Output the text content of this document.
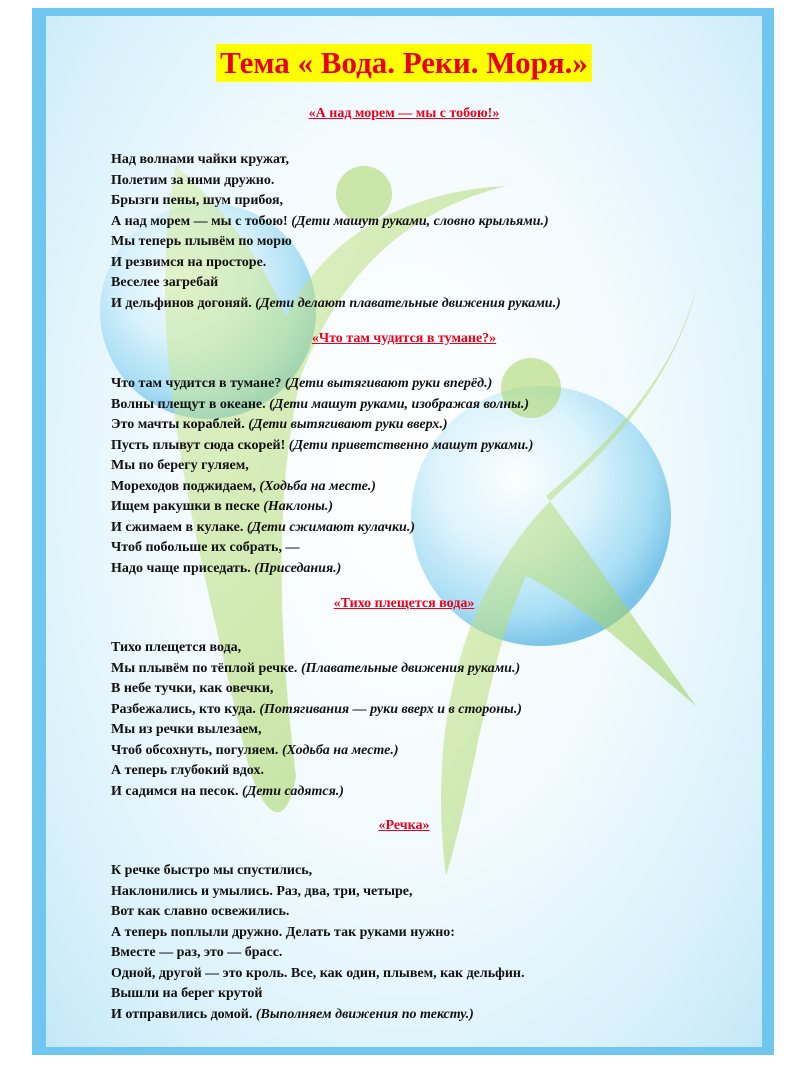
Тема « Вода. Реки. Моря.»
«А над морем — мы с тобою!»
Над волнами чайки кружат,
Полетим за ними дружно.
Брызги пены, шум прибоя,
А над морем — мы с тобою! (Дети машут руками, словно крыльями.)
Мы теперь плывём по морю
И резвимся на просторе.
Веселее загребай
И дельфинов догоняй. (Дети делают плавательные движения руками.)
«Что там чудится в тумане?»
Что там чудится в тумане? (Дети вытягивают руки вперёд.)
Волны плещут в океане. (Дети машут руками, изображая волны.)
Это мачты кораблей. (Дети вытягивают руки вверх.)
Пусть плывут сюда скорей! (Дети приветственно машут руками.)
Мы по берегу гуляем,
Мореходов поджидаем, (Ходьба на месте.)
Ищем ракушки в песке (Наклоны.)
И сжимаем в кулаке. (Дети сжимают кулачки.)
Чтоб побольше их собрать, —
Надо чаще приседать. (Приседания.)
«Тихо плещется вода»
Тихо плещется вода,
Мы плывём по тёплой речке. (Плавательные движения руками.)
В небе тучки, как овечки,
Разбежались, кто куда. (Потягивания — руки вверх и в стороны.)
Мы из речки вылезаем,
Чтоб обсохнуть, погуляем. (Ходьба на месте.)
А теперь глубокий вдох.
И садимся на песок. (Дети садятся.)
«Речка»
К речке быстро мы спустились,
Наклонились и умылись. Раз, два, три, четыре,
Вот как славно освежились.
А теперь поплыли дружно. Делать так руками нужно:
Вместе — раз, это — брасс.
Одной, другой — это кроль. Все, как один, плывем, как дельфин.
Вышли на берег крутой
И отправились домой. (Выполняем движения по тексту.)
